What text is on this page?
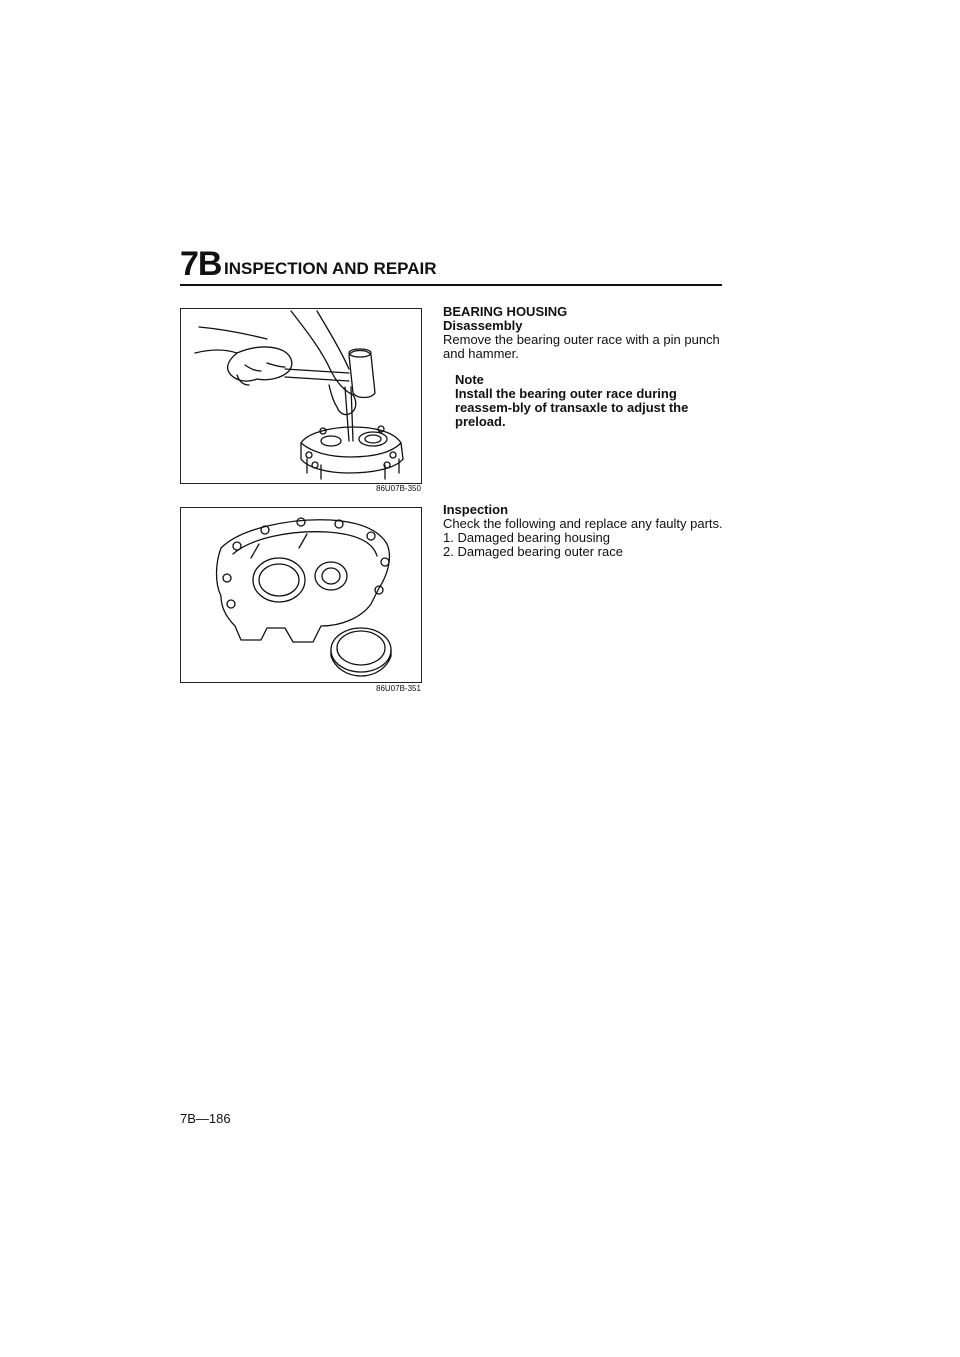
7B INSPECTION AND REPAIR
86U07B-350
86U07B-351
BEARING HOUSING
Disassembly
Remove the bearing outer race with a pin punch and hammer.
Note
Install the bearing outer race during reassem-bly of transaxle to adjust the preload.
Inspection
Check the following and replace any faulty parts.
1. Damaged bearing housing
2. Damaged bearing outer race
7B—186
